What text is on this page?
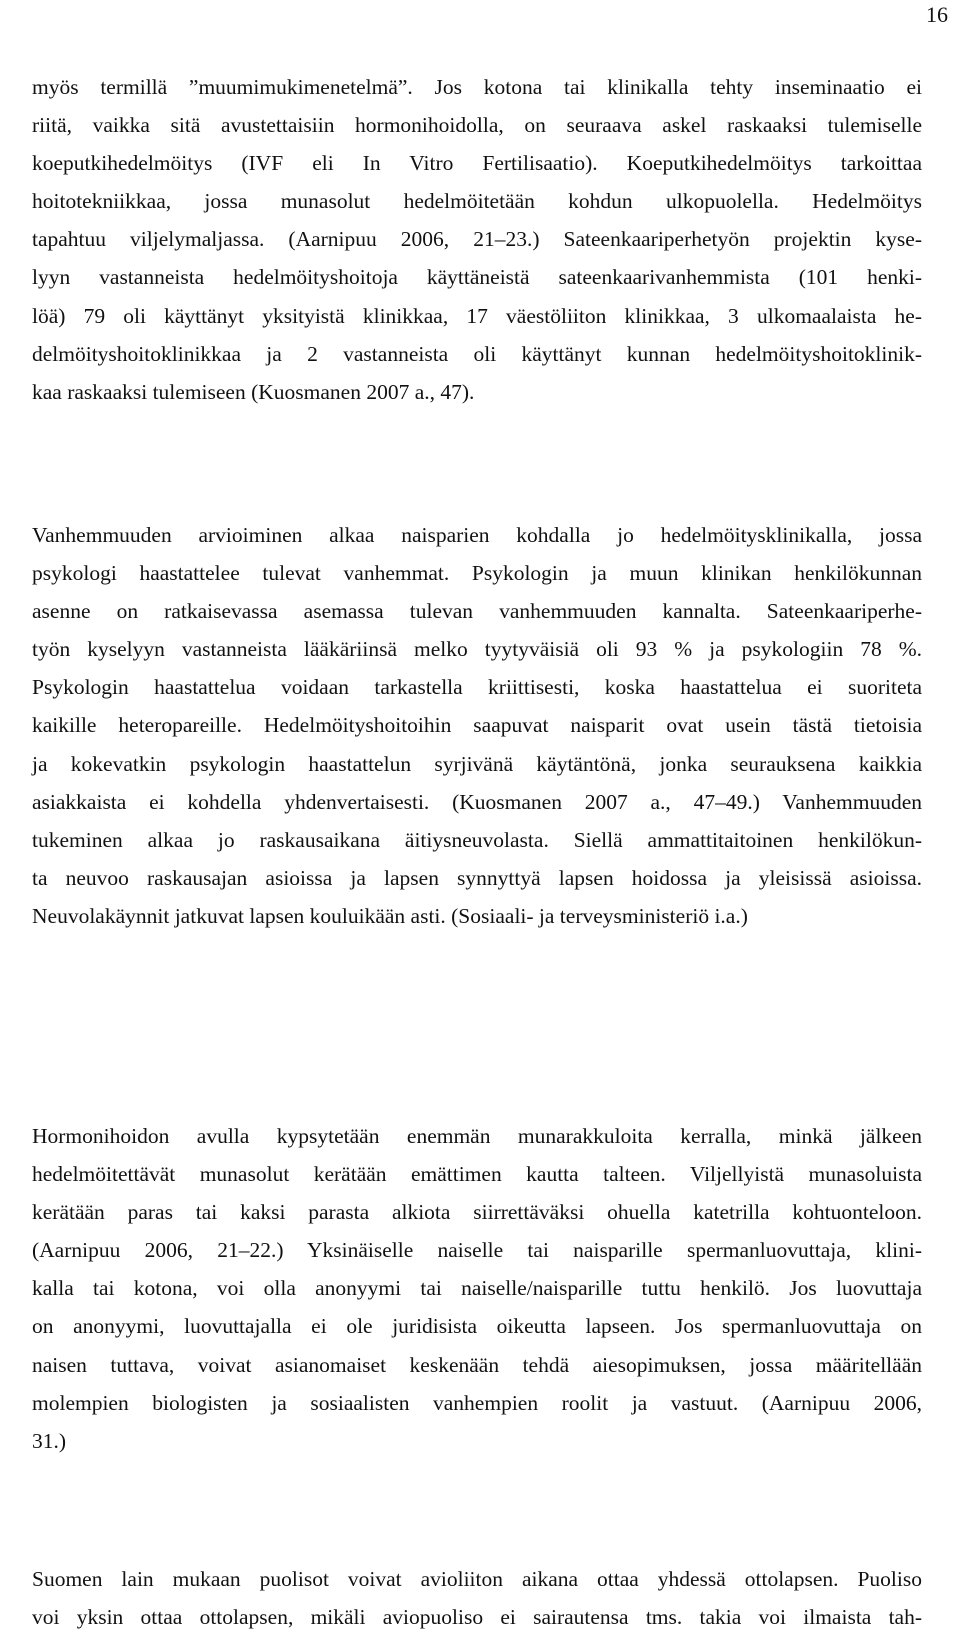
16
myös termillä ”muumimukimenetelmä”. Jos kotona tai klinikalla tehty inseminaatio ei
riitä, vaikka sitä avustettaisiin hormonihoidolla, on seuraava askel raskaaksi tulemiselle
koeputkihedelmöitys (IVF eli In Vitro Fertilisaatio). Koeputkihedelmöitys tarkoittaa
hoitotekniikkaa, jossa munasolut hedelmöitetään kohdun ulkopuolella. Hedelmöitys
tapahtuu viljelymaljassa. (Aarnipuu 2006, 21–23.) Sateenkaariperhetyön projektin kyse-
lyyn vastanneista hedelmöityshoitoja käyttäneistä sateenkaarivanhemmista (101 henki-
löä) 79 oli käyttänyt yksityistä klinikkaa, 17 väestöliiton klinikkaa, 3 ulkomaalaista he-
delmöityshoitoklinikkaa ja 2 vastanneista oli käyttänyt kunnan hedelmöityshoitoklinik-
kaa raskaaksi tulemiseen (Kuosmanen 2007 a., 47).
Vanhemmuuden arvioiminen alkaa naisparien kohdalla jo hedelmöitysklinikalla, jossa
psykologi haastattelee tulevat vanhemmat. Psykologin ja muun klinikan henkilökunnan
asenne on ratkaisevassa asemassa tulevan vanhemmuuden kannalta. Sateenkaariperhe-
työn kyselyyn vastanneista lääkäriinsä melko tyytyväisiä oli 93 % ja psykologiin 78 %.
Psykologin haastattelua voidaan tarkastella kriittisesti, koska haastattelua ei suoriteta
kaikille heteropareille. Hedelmöityshoitoihin saapuvat naisparit ovat usein tästä tietoisia
ja kokevatkin psykologin haastattelun syrjivänä käytäntönä, jonka seurauksena kaikkia
asiakkaista ei kohdella yhdenvertaisesti. (Kuosmanen 2007 a., 47–49.) Vanhemmuuden
tukeminen alkaa jo raskausaikana äitiysneuvolasta. Siellä ammattitaitoinen henkilökun-
ta neuvoo raskausajan asioissa ja lapsen synnyttyä lapsen hoidossa ja yleisissä asioissa.
Neuvolakäynnit jatkuvat lapsen kouluikään asti. (Sosiaali- ja terveysministeriö i.a.)
Hormonihoidon avulla kypsytetään enemmän munarakkuloita kerralla, minkä jälkeen
hedelmöitettävät munasolut kerätään emättimen kautta talteen. Viljellyistä munasoluista
kerätään paras tai kaksi parasta alkiota siirrettäväksi ohuella katetrilla kohtuonteloon.
(Aarnipuu 2006, 21–22.) Yksinäiselle naiselle tai naisparille spermanluovuttaja, klini-
kalla tai kotona, voi olla anonyymi tai naiselle/naisparille tuttu henkilö. Jos luovuttaja
on anonyymi, luovuttajalla ei ole juridisista oikeutta lapseen. Jos spermanluovuttaja on
naisen tuttava, voivat asianomaiset keskenään tehdä aiesopimuksen, jossa määritellään
molempien biologisten ja sosiaalisten vanhempien roolit ja vastuut. (Aarnipuu 2006,
31.)
Suomen lain mukaan puolisot voivat avioliiton aikana ottaa yhdessä ottolapsen. Puoliso
voi yksin ottaa ottolapsen, mikäli aviopuoliso ei sairautensa tms. takia voi ilmaista tah-
